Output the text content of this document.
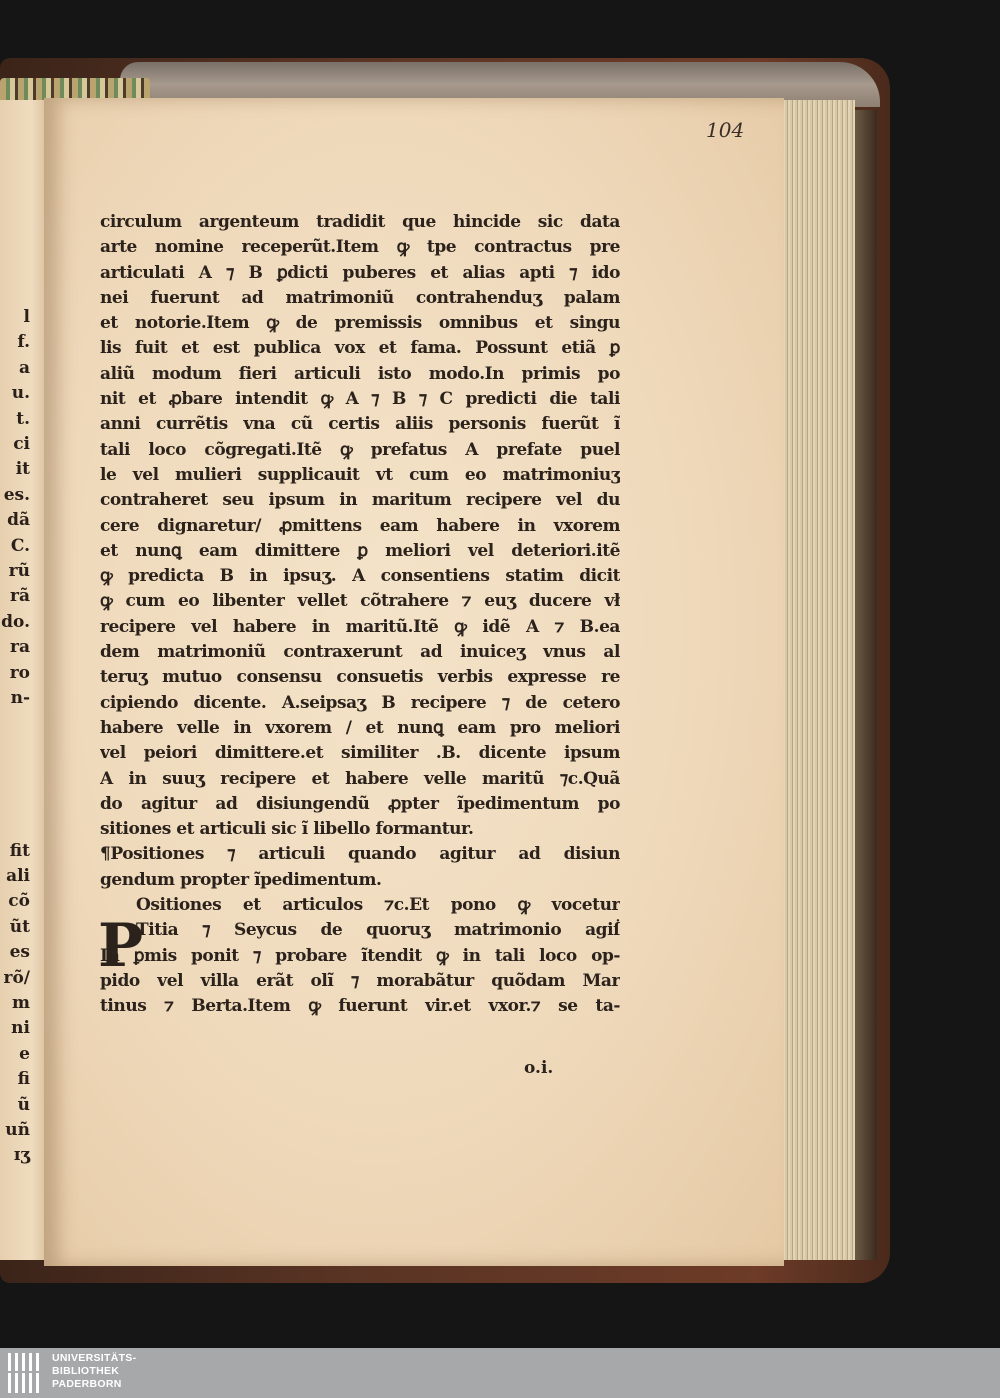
l
f.
a
u.
t.
ci
it
es.
dã
C.
rũ
rã
do.
ra
ro
n-

fit
ali
cõ
ũt
es
rõ/
m
ni
e
fi
ũ
uñ
ɪʒ
104
circulum argenteum tradidit que hincide sic data
arte nomine receperũt.Item ꝙ tpe contractus pre
articulati A ⁊ B ꝑdicti puberes et alias apti ⁊ ido
nei fuerunt ad matrimoniũ contrahenduʒ palam
et notorie.Item ꝙ de premissis omnibus et singu
lis fuit et est publica vox et fama. Possunt etiã ꝑ
aliũ modum fieri articuli isto modo.In primis po
nit et ꝓbare intendit ꝙ A ⁊ B ⁊ C predicti die tali
anni currẽtis vna cũ certis aliis personis fuerũt ĩ
tali loco cõgregati.Itẽ ꝙ prefatus A prefate puel
le vel mulieri supplicauit vt cum eo matrimoniuʒ
contraheret seu ipsum in maritum recipere vel du
cere dignaretur/ ꝓmittens eam habere in vxorem
et nunꝗ eam dimittere ꝑ meliori vel deteriori.itẽ
ꝙ predicta B in ipsuʒ. A consentiens statim dicit
ꝙ cum eo libenter vellet cõtrahere ⁊ euʒ ducere vł
recipere vel habere in maritũ.Itẽ ꝙ idẽ A ⁊ B.ea
dem matrimoniũ contraxerunt ad inuiceʒ vnus al
teruʒ mutuo consensu consuetis verbis expresse re
cipiendo dicente. A.seipsaʒ B recipere ⁊ de cetero
habere velle in vxorem / et nunꝗ eam pro meliori
vel peiori dimittere.et similiter .B. dicente ipsum
A in suuʒ recipere et habere velle maritũ ⁊c.Quã
do agitur ad disiungendũ ꝓpter ĩpedimentum po
sitiones et articuli sic ĩ libello formantur.
¶Positiones ⁊ articuli quando agitur ad disiun
gendum propter ĩpedimentum.
Ositiones et articulos ⁊c.Et pono ꝙ vocetur
Titia ⁊ Seycus de quoruʒ matrimonio agiẛ
In ꝑmis ponit ⁊ probare ĩtendit ꝙ in tali loco op-
pido vel villa erãt olĩ ⁊ morabãtur quõdam Mar
tinus ⁊ Berta.Item ꝙ fuerunt vir.et vxor.⁊ se ta-
P
o.i.
UNIVERSITÄTS-
BIBLIOTHEK
PADERBORN
